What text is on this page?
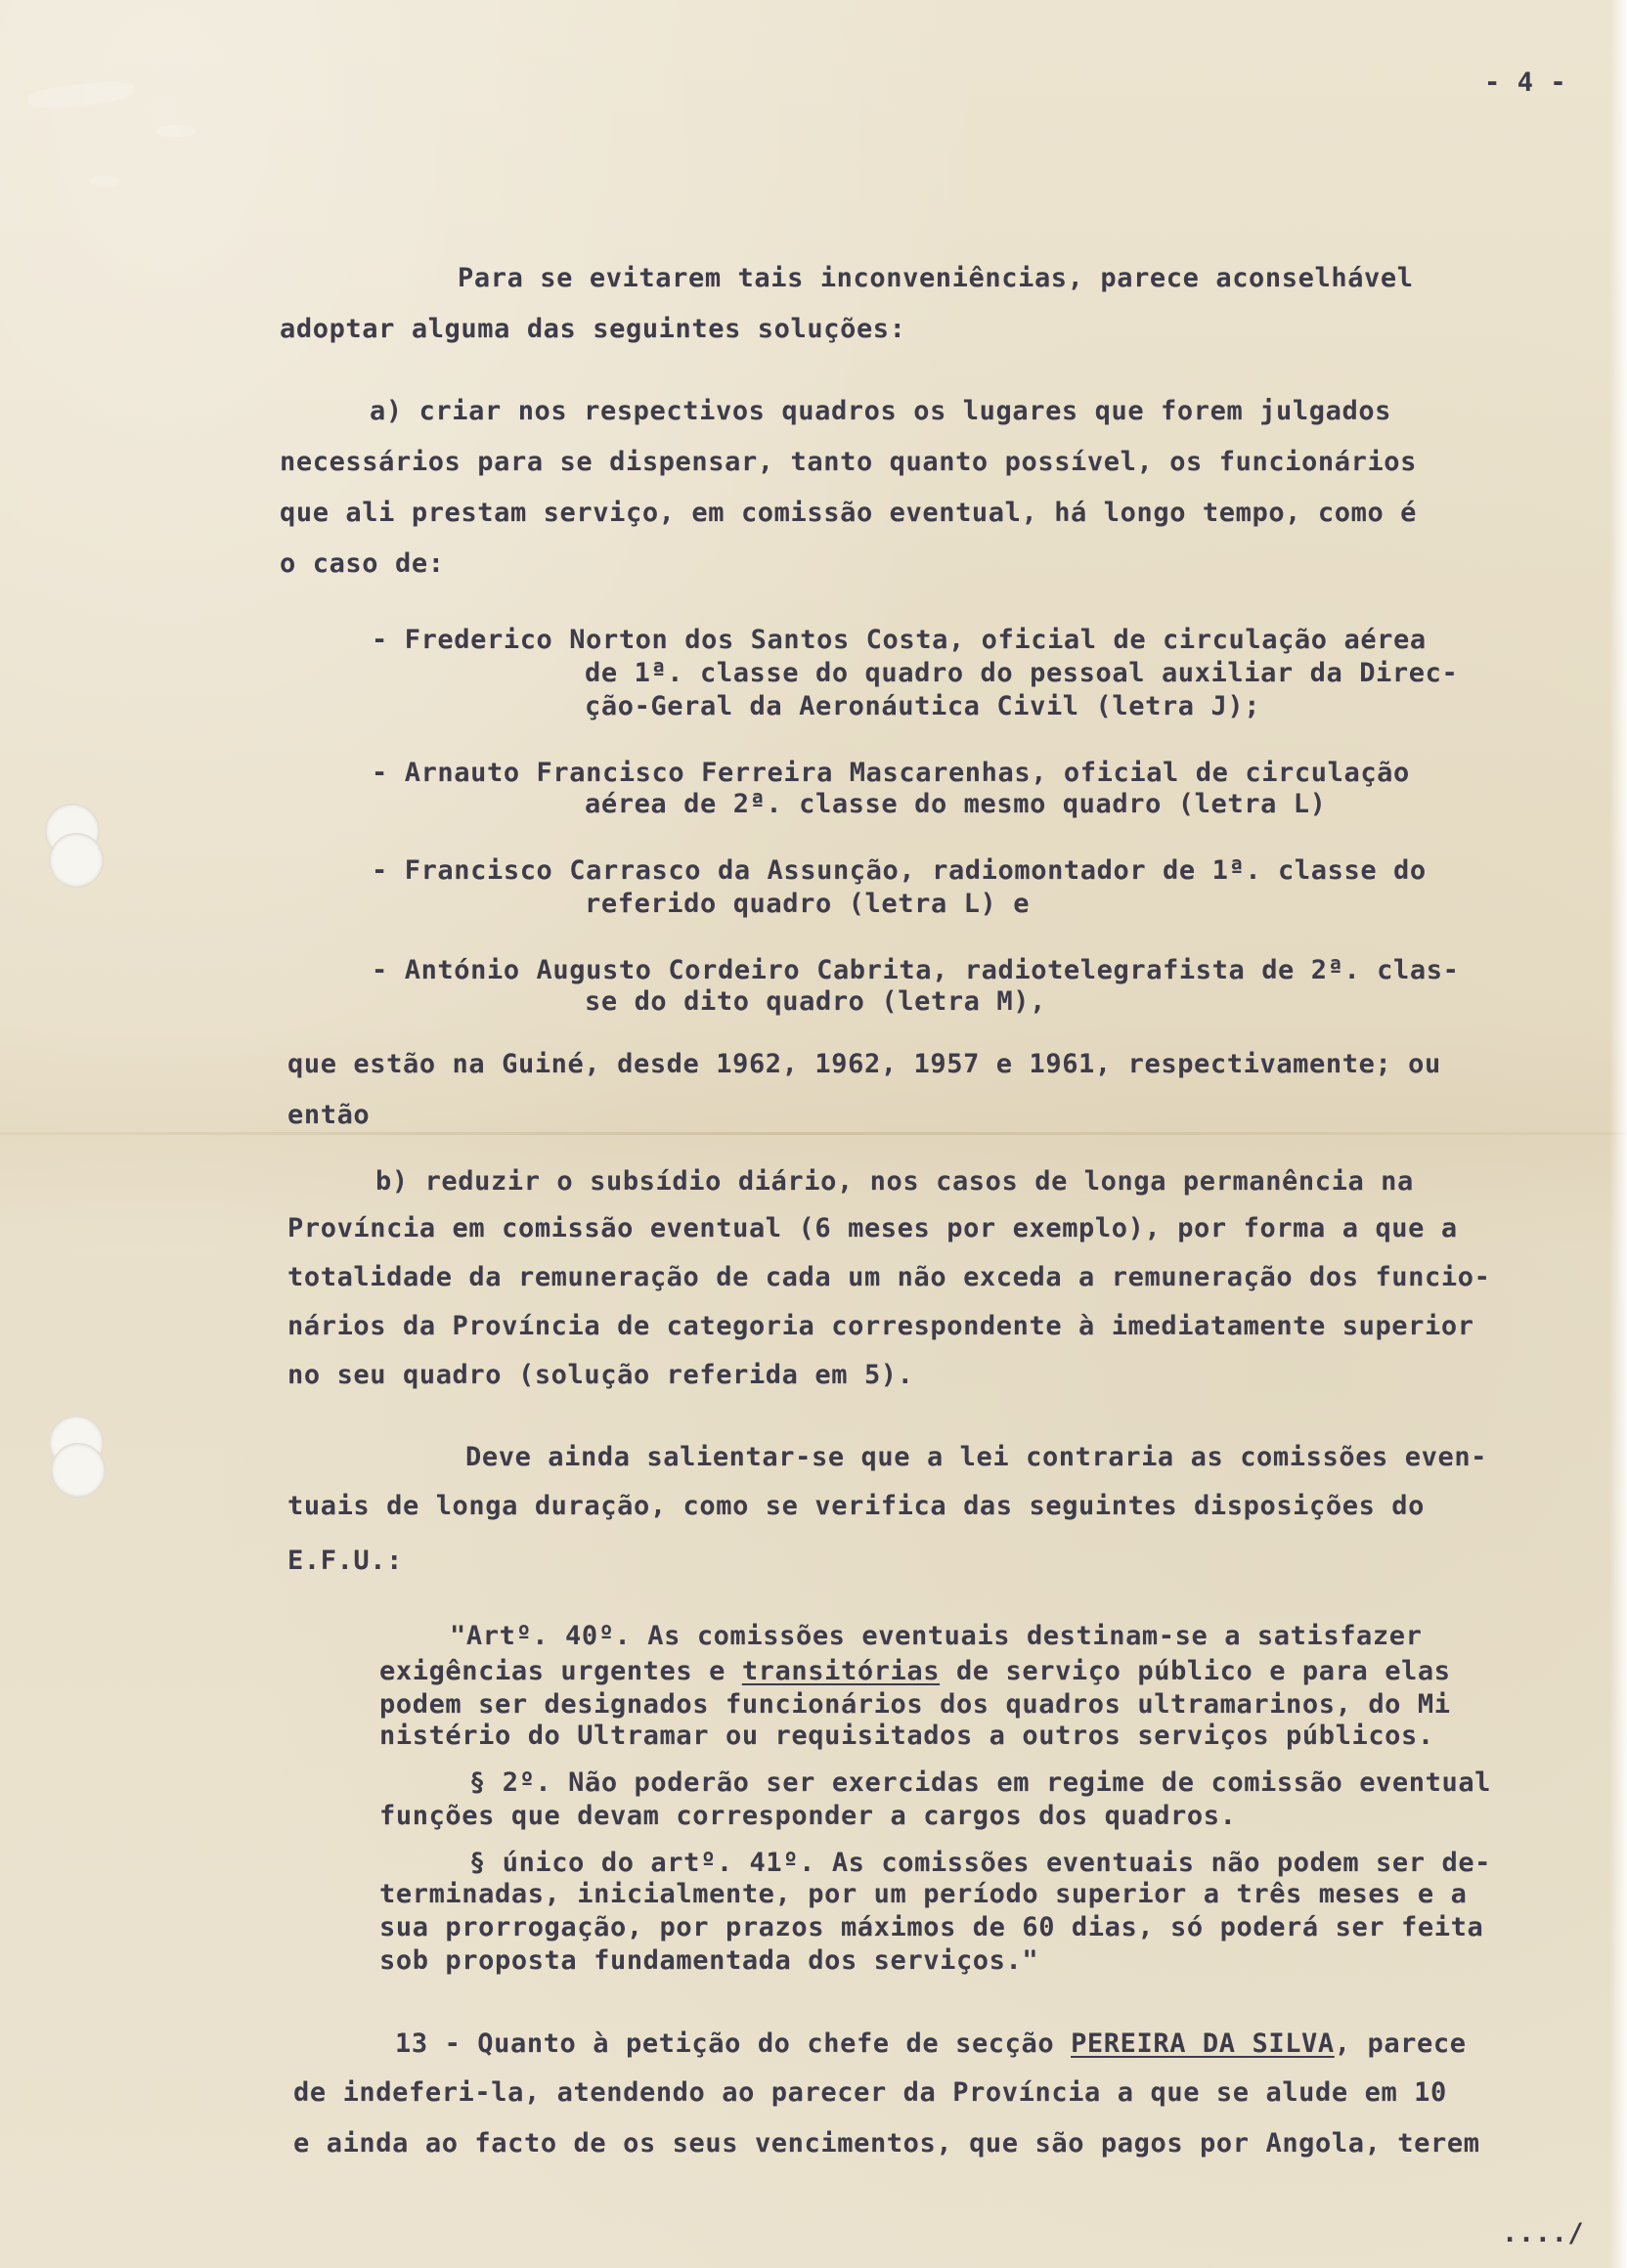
- 4 -

Para se evitarem tais inconveniências, parece aconselhável

adoptar alguma das seguintes soluções:

a) criar nos respectivos quadros os lugares que forem julgados

necessários para se dispensar, tanto quanto possível, os funcionários

que ali prestam serviço, em comissão eventual, há longo tempo, como é

o caso de:

- Frederico Norton dos Santos Costa, oficial de circulação aérea

de 1ª. classe do quadro do pessoal auxiliar da Direc-

ção-Geral da Aeronáutica Civil (letra J);

- Arnauto Francisco Ferreira Mascarenhas, oficial de circulação

aérea de 2ª. classe do mesmo quadro (letra L)

- Francisco Carrasco da Assunção, radiomontador de 1ª. classe do

referido quadro (letra L) e

- António Augusto Cordeiro Cabrita, radiotelegrafista de 2ª. clas-

se do dito quadro (letra M),

que estão na Guiné, desde 1962, 1962, 1957 e 1961, respectivamente; ou

então

b) reduzir o subsídio diário, nos casos de longa permanência na

Província em comissão eventual (6 meses por exemplo), por forma a que a

totalidade da remuneração de cada um não exceda a remuneração dos funcio-

nários da Província de categoria correspondente à imediatamente superior

no seu quadro (solução referida em 5).

Deve ainda salientar-se que a lei contraria as comissões even-

tuais de longa duração, como se verifica das seguintes disposições do

E.F.U.:

"Artº. 40º. As comissões eventuais destinam-se a satisfazer

exigências urgentes e transitórias de serviço público e para elas

podem ser designados funcionários dos quadros ultramarinos, do Mi

nistério do Ultramar ou requisitados a outros serviços públicos.

§ 2º. Não poderão ser exercidas em regime de comissão eventual

funções que devam corresponder a cargos dos quadros.

§ único do artº. 41º. As comissões eventuais não podem ser de-

terminadas, inicialmente, por um período superior a três meses e a

sua prorrogação, por prazos máximos de 60 dias, só poderá ser feita

sob proposta fundamentada dos serviços."

13 - Quanto à petição do chefe de secção PEREIRA DA SILVA, parece

de indeferi-la, atendendo ao parecer da Província a que se alude em 10

e ainda ao facto de os seus vencimentos, que são pagos por Angola, terem

..../
